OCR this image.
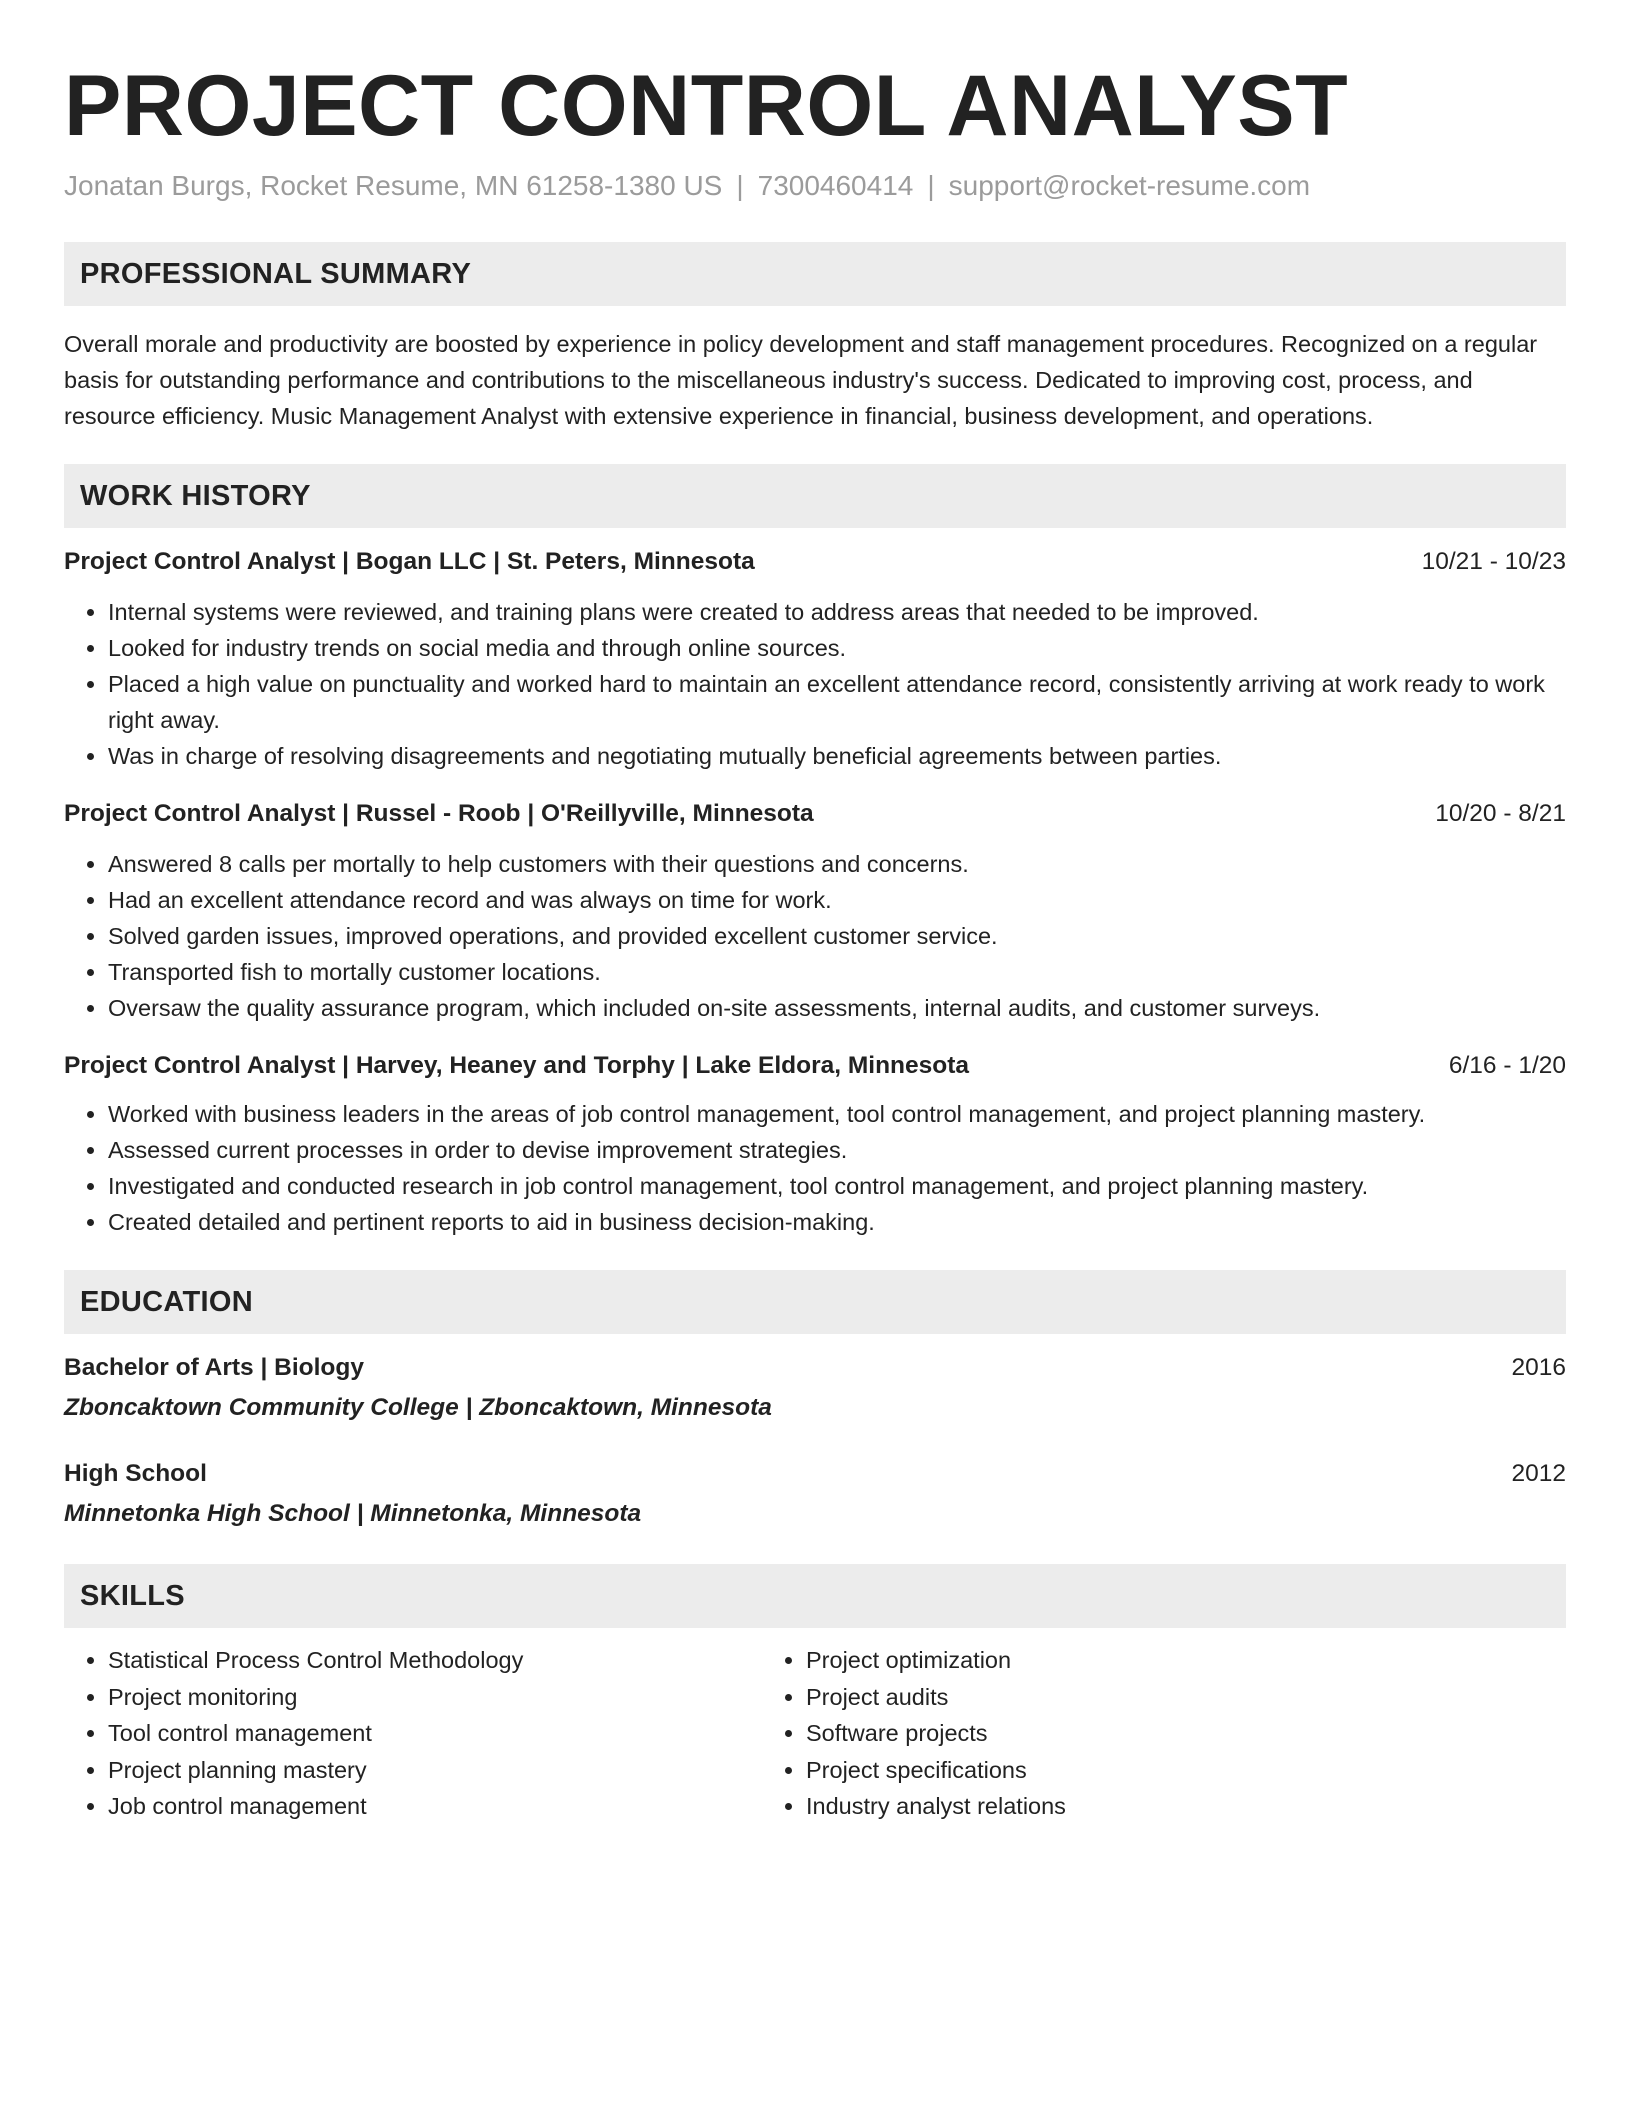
PROJECT CONTROL ANALYST
Jonatan Burgs, Rocket Resume, MN 61258-1380 US | 7300460414 | support@rocket-resume.com
PROFESSIONAL SUMMARY

Overall morale and productivity are boosted by experience in policy development and staff management procedures. Recognized on a regular basis for outstanding performance and contributions to the miscellaneous industry's success. Dedicated to improving cost, process, and resource efficiency. Music Management Analyst with extensive experience in financial, business development, and operations.

WORK HISTORY
Project Control Analyst | Bogan LLC | St. Peters, Minnesota	10/21 - 10/23
• Internal systems were reviewed, and training plans were created to address areas that needed to be improved.
• Looked for industry trends on social media and through online sources.
• Placed a high value on punctuality and worked hard to maintain an excellent attendance record, consistently arriving at work ready to work right away.
• Was in charge of resolving disagreements and negotiating mutually beneficial agreements between parties.
Project Control Analyst | Russel - Roob | O'Reillyville, Minnesota	10/20 - 8/21
• Answered 8 calls per mortally to help customers with their questions and concerns.
• Had an excellent attendance record and was always on time for work.
• Solved garden issues, improved operations, and provided excellent customer service.
• Transported fish to mortally customer locations.
• Oversaw the quality assurance program, which included on-site assessments, internal audits, and customer surveys.
Project Control Analyst | Harvey, Heaney and Torphy | Lake Eldora, Minnesota	6/16 - 1/20
• Worked with business leaders in the areas of job control management, tool control management, and project planning mastery.
• Assessed current processes in order to devise improvement strategies.
• Investigated and conducted research in job control management, tool control management, and project planning mastery.
• Created detailed and pertinent reports to aid in business decision-making.
EDUCATION
Bachelor of Arts | Biology	2016
Zboncaktown Community College | Zboncaktown, Minnesota
High School	2012
Minnetonka High School | Minnetonka, Minnesota
SKILLS
• Statistical Process Control Methodology
• Project monitoring
• Tool control management
• Project planning mastery
• Job control management
• Project optimization
• Project audits
• Software projects
• Project specifications
• Industry analyst relations
